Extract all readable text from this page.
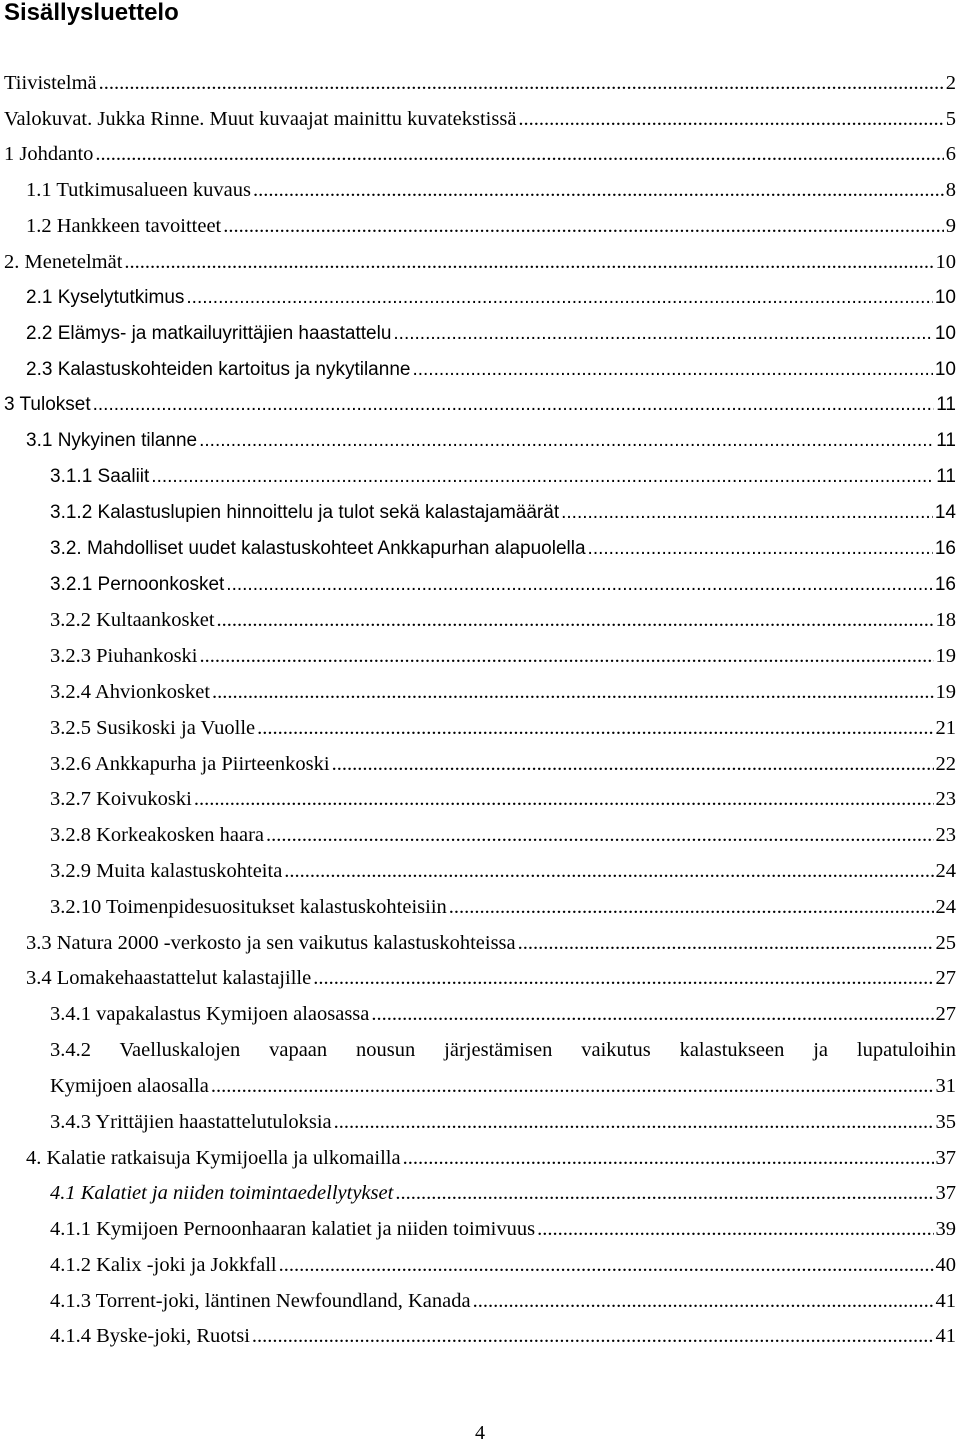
Sisällysluettelo
Tiivistelmä .....	2
Valokuvat. Jukka Rinne. Muut kuvaajat mainittu kuvatekstissä .....	5
1 Johdanto .....	6
1.1 Tutkimusalueen kuvaus .....	8
1.2 Hankkeen tavoitteet .....	9
2. Menetelmät .....	10
2.1 Kyselytutkimus .....	10
2.2 Elämys- ja matkailuyrittäjien haastattelu .....	10
2.3 Kalastuskohteiden kartoitus ja nykytilanne .....	10
3 Tulokset .....	11
3.1 Nykyinen tilanne .....	11
3.1.1 Saaliit .....	11
3.1.2 Kalastuslupien hinnoittelu ja tulot sekä kalastajamäärät .....	14
3.2. Mahdolliset uudet kalastuskohteet Ankkapurhan alapuolella .....	16
3.2.1 Pernoonkosket .....	16
3.2.2 Kultaankosket .....	18
3.2.3 Piuhankoski .....	19
3.2.4 Ahvionkosket .....	19
3.2.5 Susikoski ja Vuolle .....	21
3.2.6 Ankkapurha ja Piirteenkoski .....	22
3.2.7 Koivukoski .....	23
3.2.8 Korkeakosken haara .....	23
3.2.9 Muita kalastuskohteita .....	24
3.2.10 Toimenpidesuositukset kalastuskohteisiin .....	24
3.3 Natura 2000 -verkosto ja sen vaikutus kalastuskohteissa .....	25
3.4 Lomakehaastattelut kalastajille .....	27
3.4.1 vapakalastus Kymijoen alaosassa .....	27
3.4.2 Vaelluskalojen vapaan nousun järjestämisen vaikutus kalastukseen ja lupatuloihin
Kymijoen alaosalla .....	31
3.4.3 Yrittäjien haastattelutuloksia .....	35
4. Kalatie ratkaisuja Kymijoella ja ulkomailla .....	37
4.1 Kalatiet ja niiden toimintaedellytykset .....	37
4.1.1 Kymijoen Pernoonhaaran kalatiet ja niiden toimivuus .....	39
4.1.2 Kalix -joki ja Jokkfall .....	40
4.1.3 Torrent-joki, läntinen Newfoundland, Kanada .....	41
4.1.4 Byske-joki, Ruotsi .....	41
4
